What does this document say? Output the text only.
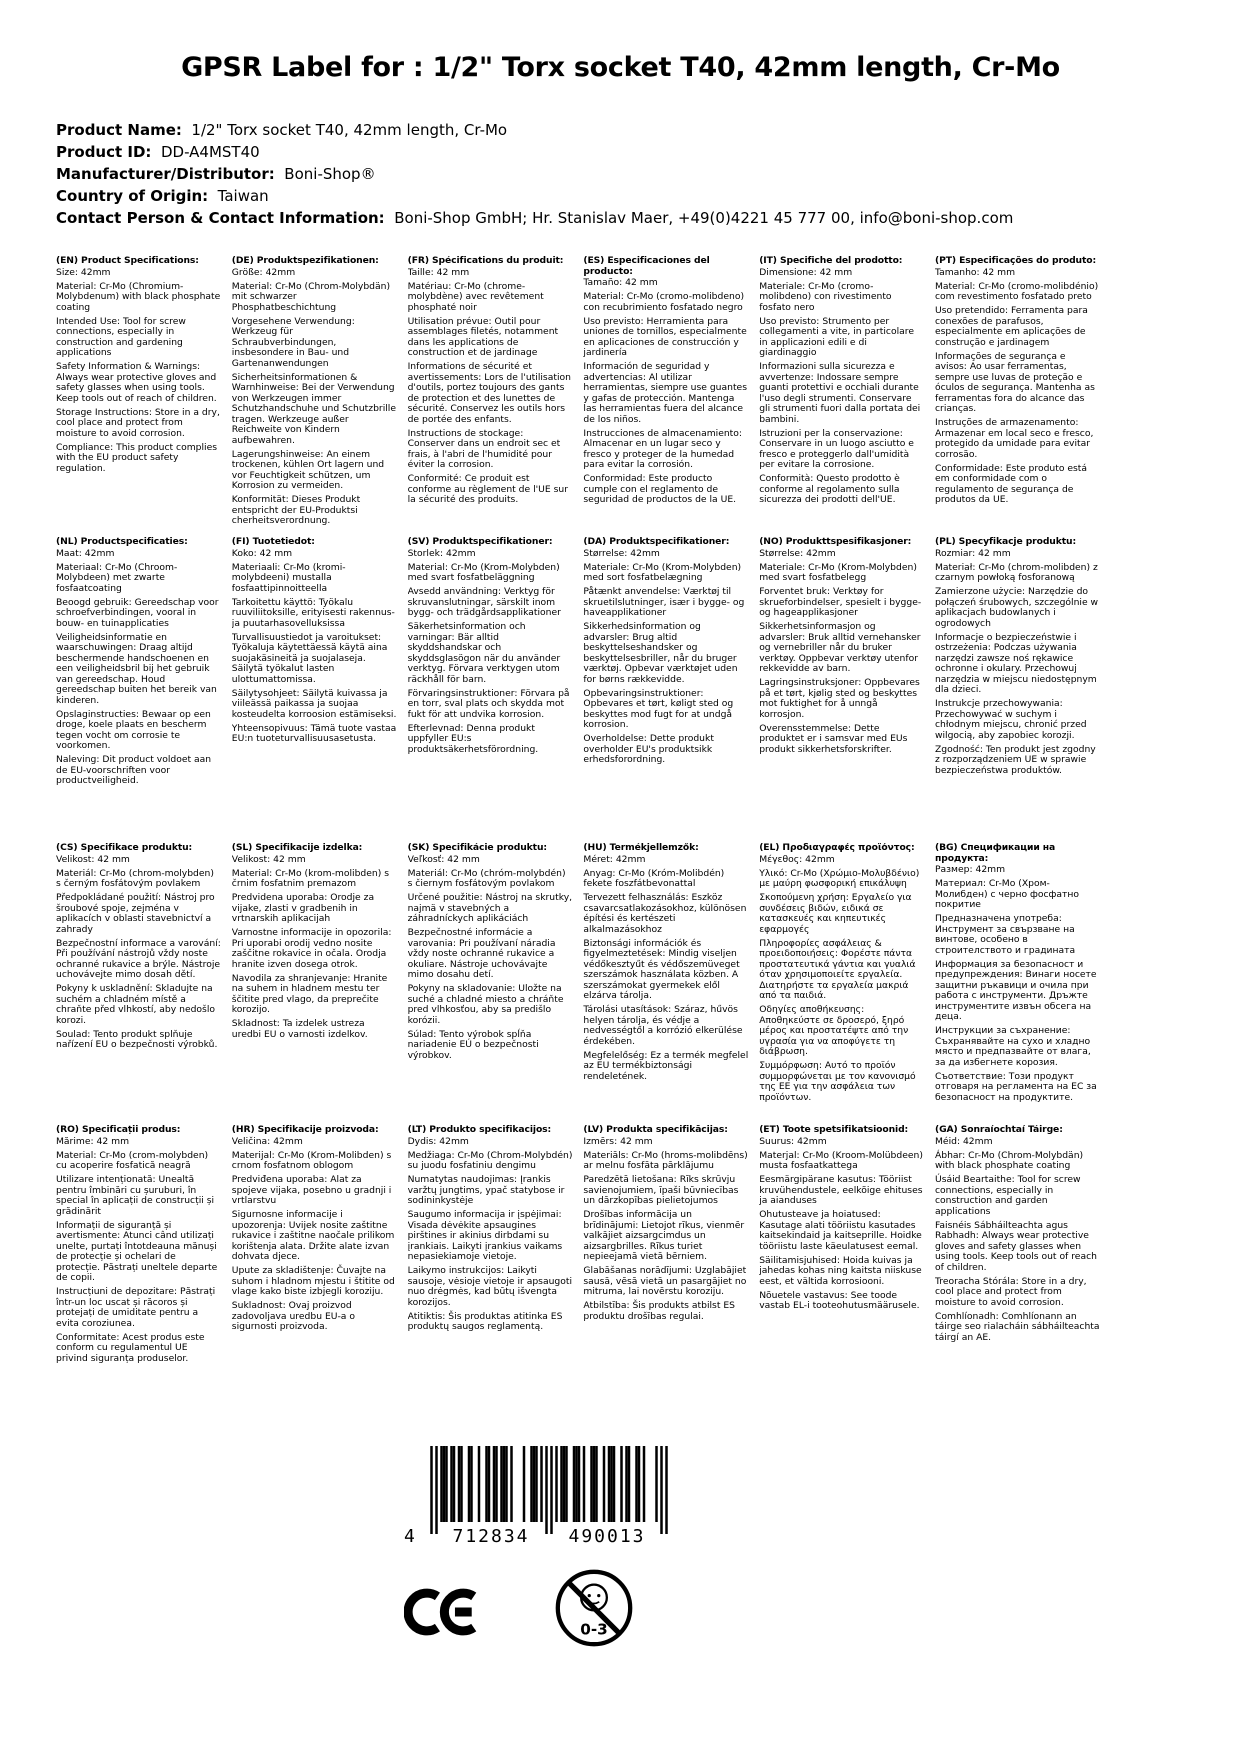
GPSR Label for : 1/2" Torx socket T40, 42mm length, Cr-Mo
Product Name:  1/2" Torx socket T40, 42mm length, Cr-Mo
Product ID:  DD-A4MST40
Manufacturer/Distributor:  Boni-Shop®
Country of Origin:  Taiwan
Contact Person & Contact Information:  Boni-Shop GmbH; Hr. Stanislav Maer, +49(0)4221 45 777 00, info@boni-shop.com
(EN) Product Specifications:

Size: 42mm

Material: Cr-Mo (Chromium-Molybdenum) with black phosphate coating

Intended Use: Tool for screw connections, especially in construction and gardening applications

Safety Information & Warnings: Always wear protective gloves and safety glasses when using tools. Keep tools out of reach of children.

Storage Instructions: Store in a dry, cool place and protect from moisture to avoid corrosion.

Compliance: This product complies with the EU product safety regulation.

(DE) Produktspezifikationen:

Größe: 42mm

Material: Cr-Mo (Chrom-Molybdän) mit schwarzer Phosphatbeschichtung

Vorgesehene Verwendung: Werkzeug für Schraubverbindungen, insbesondere in Bau- und Gartenanwendungen

Sicherheitsinformationen & Warnhinweise: Bei der Verwendung von Werkzeugen immer Schutzhandschuhe und Schutzbrille tragen. Werkzeuge außer Reichweite von Kindern aufbewahren.

Lagerungshinweise: An einem trockenen, kühlen Ort lagern und vor Feuchtigkeit schützen, um Korrosion zu vermeiden.

Konformität: Dieses Produkt entspricht der EU-Produktsi cherheitsverordnung.

(FR) Spécifications du produit:

Taille: 42 mm

Matériau: Cr-Mo (chrome-molybdène) avec revêtement phosphaté noir

Utilisation prévue: Outil pour assemblages filetés, notamment dans les applications de construction et de jardinage

Informations de sécurité et avertissements: Lors de l'utilisation d'outils, portez toujours des gants de protection et des lunettes de sécurité. Conservez les outils hors de portée des enfants.

Instructions de stockage: Conserver dans un endroit sec et frais, à l'abri de l'humidité pour éviter la corrosion.

Conformité: Ce produit est conforme au règlement de l'UE sur la sécurité des produits.

(ES) Especificaciones del producto:

Tamaño: 42 mm

Material: Cr-Mo (cromo-molibdeno) con recubrimiento fosfatado negro

Uso previsto: Herramienta para uniones de tornillos, especialmente en aplicaciones de construcción y jardinería

Información de seguridad y advertencias: Al utilizar herramientas, siempre use guantes y gafas de protección. Mantenga las herramientas fuera del alcance de los niños.

Instrucciones de almacenamiento: Almacenar en un lugar seco y fresco y proteger de la humedad para evitar la corrosión.

Conformidad: Este producto cumple con el reglamento de seguridad de productos de la UE.

(IT) Specifiche del prodotto:

Dimensione: 42 mm

Materiale: Cr-Mo (cromo-molibdeno) con rivestimento fosfato nero

Uso previsto: Strumento per collegamenti a vite, in particolare in applicazioni edili e di giardinaggio

Informazioni sulla sicurezza e avvertenze: Indossare sempre guanti protettivi e occhiali durante l'uso degli strumenti. Conservare gli strumenti fuori dalla portata dei bambini.

Istruzioni per la conservazione: Conservare in un luogo asciutto e fresco e proteggerlo dall'umidità per evitare la corrosione.

Conformità: Questo prodotto è conforme al regolamento sulla sicurezza dei prodotti dell'UE.

(PT) Especificações do produto:

Tamanho: 42 mm

Material: Cr-Mo (cromo-molibdénio) com revestimento fosfatado preto

Uso pretendido: Ferramenta para conexões de parafusos, especialmente em aplicações de construção e jardinagem

Informações de segurança e avisos: Ao usar ferramentas, sempre use luvas de proteção e óculos de segurança. Mantenha as ferramentas fora do alcance das crianças.

Instruções de armazenamento: Armazenar em local seco e fresco, protegido da umidade para evitar corrosão.

Conformidade: Este produto está em conformidade com o regulamento de segurança de produtos da UE.

(NL) Productspecificaties:

Maat: 42mm

Materiaal: Cr-Mo (Chroom-Molybdeen) met zwarte fosfaatcoating

Beoogd gebruik: Gereedschap voor schroefverbindingen, vooral in bouw- en tuinapplicaties

Veiligheidsinformatie en waarschuwingen: Draag altijd beschermende handschoenen en een veiligheidsbril bij het gebruik van gereedschap. Houd gereedschap buiten het bereik van kinderen.

Opslaginstructies: Bewaar op een droge, koele plaats en bescherm tegen vocht om corrosie te voorkomen.

Naleving: Dit product voldoet aan de EU-voorschriften voor productveiligheid.

(FI) Tuotetiedot:

Koko: 42 mm

Materiaali: Cr-Mo (kromi-molybdeeni) mustalla fosfaattipinnoitteella

Tarkoitettu käyttö: Työkalu ruuviliitoksille, erityisesti rakennus- ja puutarhasovelluksissa

Turvallisuustiedot ja varoitukset: Työkaluja käytettäessä käytä aina suojakäsineitä ja suojalaseja. Säilytä työkalut lasten ulottumattomissa.

Säilytysohjeet: Säilytä kuivassa ja viileässä paikassa ja suojaa kosteudelta korroosion estämiseksi.

Yhteensopivuus: Tämä tuote vastaa EU:n tuoteturvallisuusasetusta.

(SV) Produktspecifikationer:

Storlek: 42mm

Material: Cr-Mo (Krom-Molybden) med svart fosfatbeläggning

Avsedd användning: Verktyg för skruvanslutningar, särskilt inom bygg- och trädgårdsapplikationer

Säkerhetsinformation och varningar: Bär alltid skyddshandskar och skyddsglasögon när du använder verktyg. Förvara verktygen utom räckhåll för barn.

Förvaringsinstruktioner: Förvara på en torr, sval plats och skydda mot fukt för att undvika korrosion.

Efterlevnad: Denna produkt uppfyller EU:s produktsäkerhetsförordning.

(DA) Produktspecifikationer:

Størrelse: 42mm

Materiale: Cr-Mo (Krom-Molybden) med sort fosfatbelægning

Påtænkt anvendelse: Værktøj til skruetilslutninger, især i bygge- og haveapplikationer

Sikkerhedsinformation og advarsler: Brug altid beskyttelseshandsker og beskyttelsesbriller, når du bruger værktøj. Opbevar værktøjet uden for børns rækkevidde.

Opbevaringsinstruktioner: Opbevares et tørt, køligt sted og beskyttes mod fugt for at undgå korrosion.

Overholdelse: Dette produkt overholder EU's produktsikk erhedsforordning.

(NO) Produkttspesifikasjoner:

Størrelse: 42mm

Materiale: Cr-Mo (Krom-Molybden) med svart fosfatbelegg

Forventet bruk: Verktøy for skrueforbindelser, spesielt i bygge- og hageapplikasjoner

Sikkerhetsinformasjon og advarsler: Bruk alltid vernehansker og vernebriller når du bruker verktøy. Oppbevar verktøy utenfor rekkevidde av barn.

Lagringsinstruksjoner: Oppbevares på et tørt, kjølig sted og beskyttes mot fuktighet for å unngå korrosjon.

Overensstemmelse: Dette produktet er i samsvar med EUs produkt sikkerhetsforskrifter.

(PL) Specyfikacje produktu:

Rozmiar: 42 mm

Materiał: Cr-Mo (chrom-molibden) z czarnym powłoką fosforanową

Zamierzone użycie: Narzędzie do połączeń śrubowych, szczególnie w aplikacjach budowlanych i ogrodowych

Informacje o bezpieczeństwie i ostrzeżenia: Podczas używania narzędzi zawsze noś rękawice ochronne i okulary. Przechowuj narzędzia w miejscu niedostępnym dla dzieci.

Instrukcje przechowywania: Przechowywać w suchym i chłodnym miejscu, chronić przed wilgocią, aby zapobiec korozji.

Zgodność: Ten produkt jest zgodny z rozporządzeniem UE w sprawie bezpieczeństwa produktów.

(CS) Specifikace produktu:

Velikost: 42 mm

Materiál: Cr-Mo (chrom-molybden) s černým fosfátovým povlakem

Předpokládané použití: Nástroj pro šroubové spoje, zejména v aplikacích v oblasti stavebnictví a zahrady

Bezpečnostní informace a varování: Při používání nástrojů vždy noste ochranné rukavice a brýle. Nástroje uchovávejte mimo dosah dětí.

Pokyny k uskladnění: Skladujte na suchém a chladném místě a chraňte před vlhkostí, aby nedošlo korozi.

Soulad: Tento produkt splňuje nařízení EU o bezpečnosti výrobků.

(SL) Specifikacije izdelka:

Velikost: 42 mm

Material: Cr-Mo (krom-molibden) s črnim fosfatnim premazom

Predvidena uporaba: Orodje za vijake, zlasti v gradbenih in vrtnarskih aplikacijah

Varnostne informacije in opozorila: Pri uporabi orodij vedno nosite zaščitne rokavice in očala. Orodja hranite izven dosega otrok.

Navodila za shranjevanje: Hranite na suhem in hladnem mestu ter ščitite pred vlago, da preprečite korozijo.

Skladnost: Ta izdelek ustreza uredbi EU o varnosti izdelkov.

(SK) Špecifikácie produktu:

Veľkosť: 42 mm

Materiál: Cr-Mo (chróm-molybdén) s čiernym fosfátovým povlakom

Určené použitie: Nástroj na skrutky, najmä v stavebných a záhradníckych aplikáciách

Bezpečnostné informácie a varovania: Pri používaní náradia vždy noste ochranné rukavice a okuliare. Nástroje uchovávajte mimo dosahu detí.

Pokyny na skladovanie: Uložte na suché a chladné miesto a chráňte pred vlhkosťou, aby sa predišlo korózii.

Súlad: Tento výrobok spĺňa nariadenie EÚ o bezpečnosti výrobkov.

(HU) Termékjellemzők:

Méret: 42mm

Anyag: Cr-Mo (Króm-Molibdén) fekete foszfátbevonattal

Tervezett felhasználás: Eszköz csavarcsatlakozásokhoz, különösen építési és kertészeti alkalmazásokhoz

Biztonsági információk és figyelmeztetések: Mindig viseljen védőkesztyűt és védőszemüveget szerszámok használata közben. A szerszámokat gyermekek elől elzárva tárolja.

Tárolási utasítások: Száraz, hűvös helyen tárolja, és védje a nedvességtől a korrózió elkerülése érdekében.

Megfelelőség: Ez a termék megfelel az EU termékbiztonsági rendeletének.

(EL) Προδιαγραφές προϊόντος:

Μέγεθος: 42mm

Υλικό: Cr-Mo (Χρώμιο-Μολυβδένιο) με μαύρη φωσφορική επικάλυψη

Σκοπούμενη χρήση: Εργαλείο για συνδέσεις βιδών, ειδικά σε κατασκευές και κηπευτικές εφαρμογές

Πληροφορίες ασφάλειας & προειδοποιήσεις: Φορέστε πάντα προστατευτικά γάντια και γυαλιά όταν χρησιμοποιείτε εργαλεία. Διατηρήστε τα εργαλεία μακριά από τα παιδιά.

Οδηγίες αποθήκευσης: Αποθηκεύστε σε δροσερό, ξηρό μέρος και προστατέψτε από την υγρασία για να αποφύγετε τη διάβρωση.

Συμμόρφωση: Αυτό το προϊόν συμμορφώνεται με τον κανονισμό της ΕΕ για την ασφάλεια των προϊόντων.

(BG) Спецификации на продукта:

Размер: 42mm

Материал: Cr-Mo (Хром-Молибден) с черно фосфатно покритие

Предназначена употреба: Инструмент за свързване на винтове, особено в строителството и градината

Информация за безопасност и предупреждения: Винаги носете защитни ръкавици и очила при работа с инструменти. Дръжте инструментите извън обсега на деца.

Инструкции за съхранение: Съхранявайте на сухо и хладно място и предпазвайте от влага, за да избегнете корозия.

Съответствие: Този продукт отговаря на регламента на ЕС за безопасност на продуктите.

(RO) Specificații produs:

Mărime: 42 mm

Material: Cr-Mo (crom-molybden) cu acoperire fosfatică neagră

Utilizare intenționată: Unealtă pentru îmbinări cu șuruburi, în special în aplicații de construcții și grădinărit

Informații de siguranță și avertismente: Atunci când utilizați unelte, purtați întotdeauna mănuși de protecție și ochelari de protecție. Păstrați uneltele departe de copii.

Instrucțiuni de depozitare: Păstrați într-un loc uscat și răcoros și protejați de umiditate pentru a evita coroziunea.

Conformitate: Acest produs este conform cu regulamentul UE privind siguranța produselor.

(HR) Specifikacije proizvoda:

Veličina: 42mm

Materijal: Cr-Mo (Krom-Molibden) s crnom fosfatnom oblogom

Predviđena uporaba: Alat za spojeve vijaka, posebno u gradnji i vrtlarstvu

Sigurnosne informacije i upozorenja: Uvijek nosite zaštitne rukavice i zaštitne naočale prilikom korištenja alata. Držite alate izvan dohvata djece.

Upute za skladištenje: Čuvajte na suhom i hladnom mjestu i štitite od vlage kako biste izbjegli koroziju.

Sukladnost: Ovaj proizvod zadovoljava uredbu EU-a o sigurnosti proizvoda.

(LT) Produkto specifikacijos:

Dydis: 42mm

Medžiaga: Cr-Mo (Chrom-Molybdén) su juodu fosfatiniu dengimu

Numatytas naudojimas: Įrankis varžtų jungtims, ypač statybose ir sodininkystėje

Saugumo informacija ir įspėjimai: Visada dėvėkite apsaugines pirštines ir akinius dirbdami su įrankiais. Laikyti įrankius vaikams nepasiekiamoje vietoje.

Laikymo instrukcijos: Laikyti sausoje, vėsioje vietoje ir apsaugoti nuo drėgmės, kad būtų išvengta korozijos.

Atitiktis: Šis produktas atitinka ES produktų saugos reglamentą.

(LV) Produkta specifikācijas:

Izmērs: 42 mm

Materiāls: Cr-Mo (hroms-molibdēns) ar melnu fosfāta pārklājumu

Paredzētā lietošana: Rīks skrūvju savienojumiem, īpaši būvniecības un dārzkopības pielietojumos

Drošības informācija un brīdinājumi: Lietojot rīkus, vienmēr valkājiet aizsargcimdus un aizsargbrilles. Rīkus turiet nepieejamā vietā bērniem.

Glabāšanas norādījumi: Uzglabājiet sausā, vēsā vietā un pasargājiet no mitruma, lai novērstu koroziju.

Atbilstība: Šis produkts atbilst ES produktu drošības regulai.

(ET) Toote spetsifikatsioonid:

Suurus: 42mm

Materjal: Cr-Mo (Kroom-Molübdeen) musta fosfaatkattega

Eesmärgipärane kasutus: Tööriist kruvühendustele, eelkõige ehituses ja aianduses

Ohutusteave ja hoiatused: Kasutage alati tööriistu kasutades kaitsekindaid ja kaitseprille. Hoidke tööriistu laste käeulatusest eemal.

Säilitamisjuhised: Hoida kuivas ja jahedas kohas ning kaitsta niiskuse eest, et vältida korrosiooni.

Nõuetele vastavus: See toode vastab EL-i tooteohutusmäärusele.

(GA) Sonraíochtaí Táirge:

Méid: 42mm

Ábhar: Cr-Mo (Chrom-Molybdän) with black phosphate coating

Úsáid Beartaithe: Tool for screw connections, especially in construction and garden applications

Faisnéis Sábháilteachta agus Rabhadh: Always wear protective gloves and safety glasses when using tools. Keep tools out of reach of children.

Treoracha Stórála: Store in a dry, cool place and protect from moisture to avoid corrosion.

Comhlíonadh: Comhlíonann an táirge seo rialacháin sábháilteachta táirgí an AE.

4	712834	490013
0-3
